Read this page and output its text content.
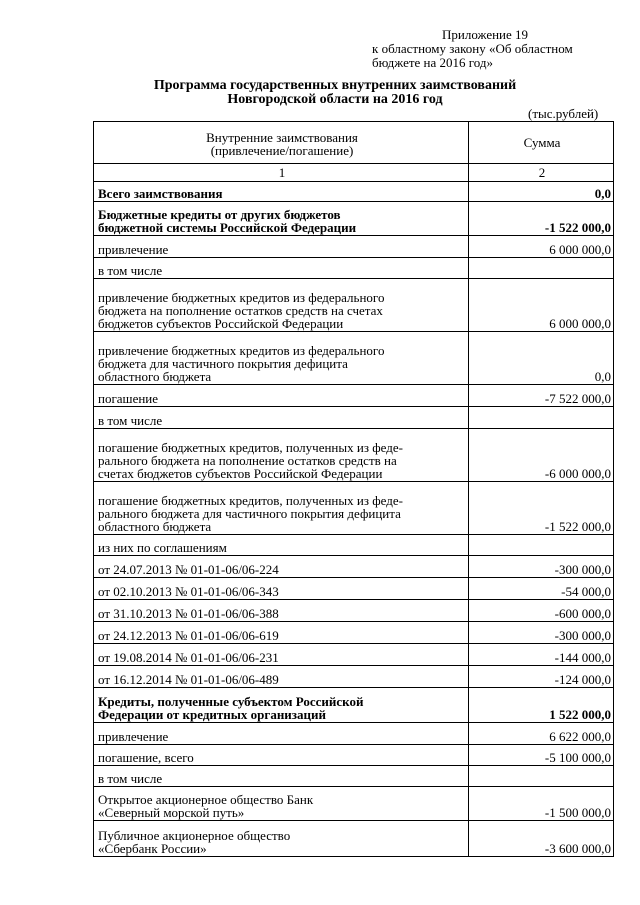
Приложение 19
к областному закону «Об областном
бюджете на 2016 год»
Программа государственных внутренних заимствований
Новгородской области на 2016 год
(тыс.рублей)
Внутренние заимствования
(привлечение/погашение)	Сумма
1	2

Всего заимствования	0,0

Бюджетные кредиты от других бюджетов
бюджетной системы Российской Федерации	-1 522 000,0

привлечение	6 000 000,0

в том числе	

привлечение бюджетных кредитов из федерального
бюджета на пополнение остатков средств на счетах
бюджетов субъектов Российской Федерации	6 000 000,0

привлечение бюджетных кредитов из федерального
бюджета для частичного покрытия дефицита
областного бюджета	0,0

погашение	-7 522 000,0

в том числе	

погашение бюджетных кредитов, полученных из феде-
рального бюджета на пополнение остатков средств на
счетах бюджетов субъектов Российской Федерации	-6 000 000,0

погашение бюджетных кредитов, полученных из феде-
рального бюджета для частичного покрытия дефицита
областного бюджета	-1 522 000,0

из них по соглашениям	

от 24.07.2013 № 01-01-06/06-224	-300 000,0

от 02.10.2013 № 01-01-06/06-343	-54 000,0

от 31.10.2013 № 01-01-06/06-388	-600 000,0

от 24.12.2013 № 01-01-06/06-619	-300 000,0

от 19.08.2014 № 01-01-06/06-231	-144 000,0

от 16.12.2014 № 01-01-06/06-489	-124 000,0

Кредиты, полученные субъектом Российской
Федерации от кредитных организаций	1 522 000,0

привлечение	6 622 000,0

погашение, всего	-5 100 000,0

в том числе	

Открытое акционерное общество Банк
«Северный морской путь»	-1 500 000,0

Публичное акционерное общество
«Сбербанк России»	-3 600 000,0
